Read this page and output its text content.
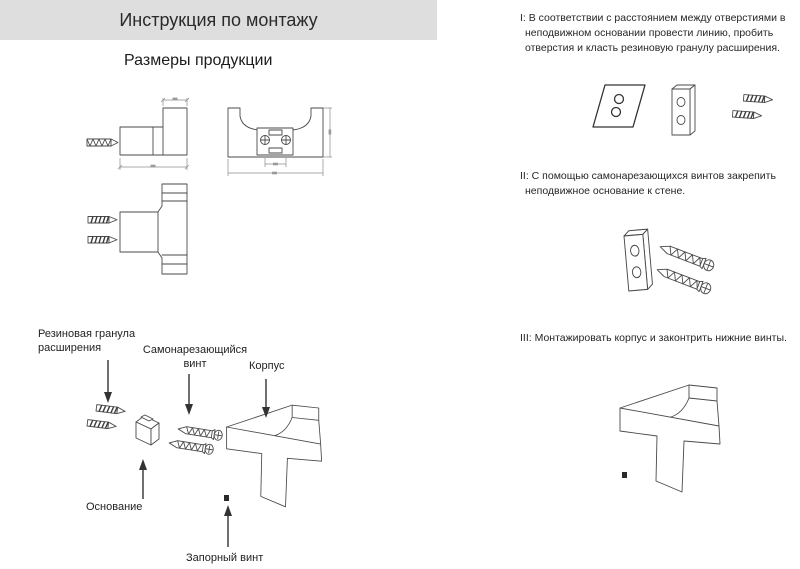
Инструкция по монтажу
Размеры продукции
Резиновая гранула расширения	Самонарезающийся винт	Корпус
Основание
Запорный винт
I: В соответствии с расстоянием между отверстиями в неподвижном основании провести линию, пробить отверстия и класть резиновую гранулу расширения.
II: С помощью самонарезающихся винтов закрепить неподвижное основание к стене.
III: Монтажировать корпус и законтрить нижние винты.
